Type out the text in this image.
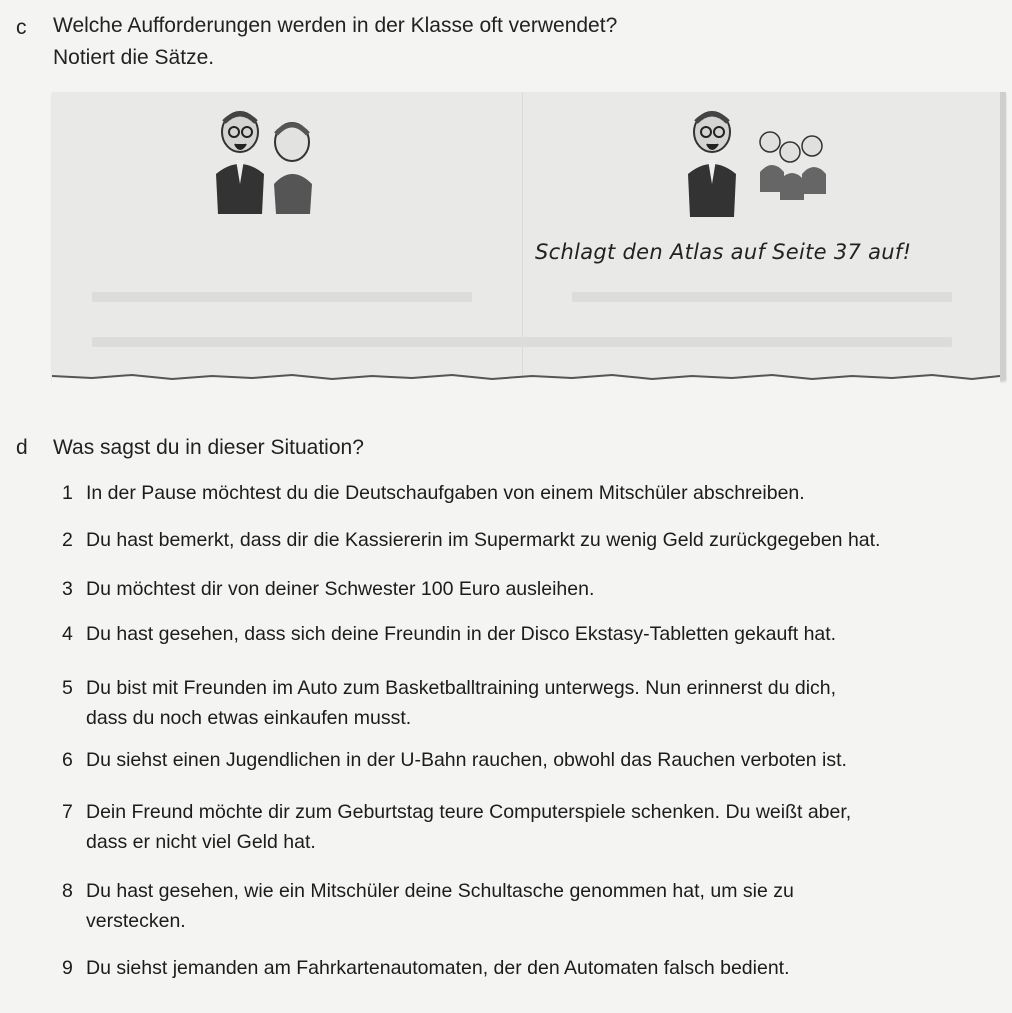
c Welche Aufforderungen werden in der Klasse oft verwendet?
Notiert die Sätze.
Schlagt den Atlas auf Seite 37 auf!
d Was sagst du in dieser Situation?
1 In der Pause möchtest du die Deutschaufgaben von einem Mitschüler abschreiben.
2 Du hast bemerkt, dass dir die Kassiererin im Supermarkt zu wenig Geld zurückgegeben hat.
3 Du möchtest dir von deiner Schwester 100 Euro ausleihen.
4 Du hast gesehen, dass sich deine Freundin in der Disco Ekstasy-Tabletten gekauft hat.
5 Du bist mit Freunden im Auto zum Basketballtraining unterwegs. Nun erinnerst du dich,
dass du noch etwas einkaufen musst.
6 Du siehst einen Jugendlichen in der U-Bahn rauchen, obwohl das Rauchen verboten ist.
7 Dein Freund möchte dir zum Geburtstag teure Computerspiele schenken. Du weißt aber,
dass er nicht viel Geld hat.
8 Du hast gesehen, wie ein Mitschüler deine Schultasche genommen hat, um sie zu
verstecken.
9 Du siehst jemanden am Fahrkartenautomaten, der den Automaten falsch bedient.
